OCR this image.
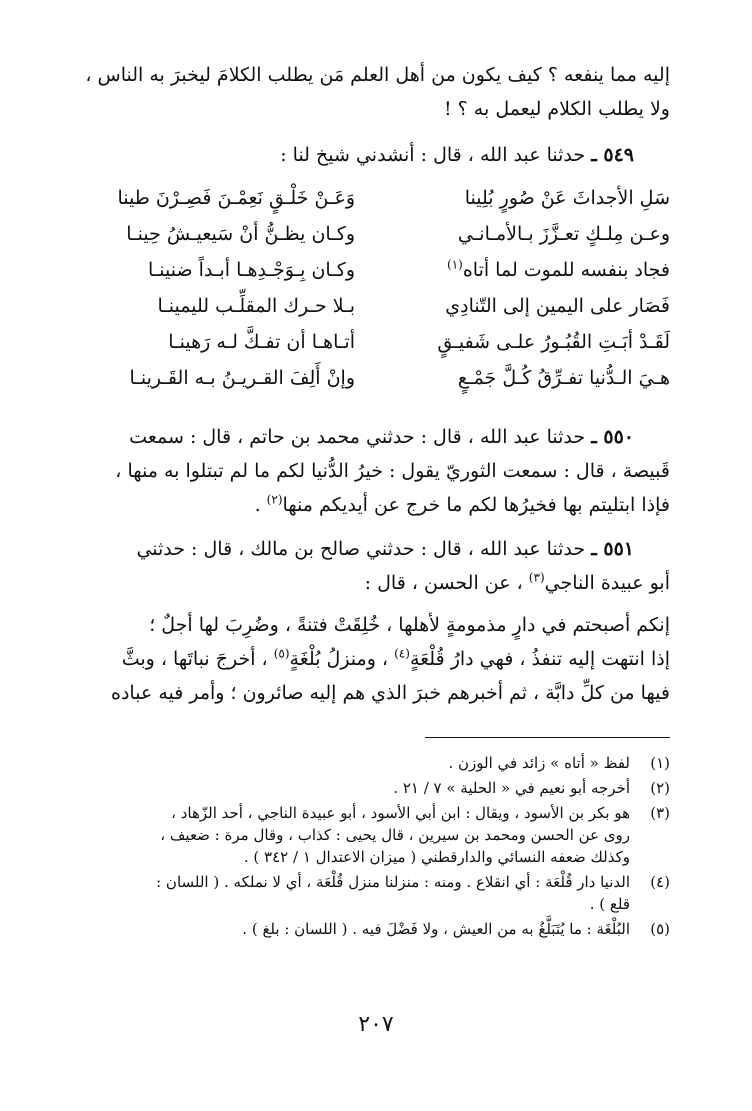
إليه مما ينفعه ؟ كيف يكون من أهل العلم مَن يطلب الكلامَ ليخبرَ به الناس ،
ولا يطلب الكلام ليعمل به ؟ !
٥٤٩ ـ حدثنا عبد الله ، قال : أنشدني شيخ لنا :
سَلِ الأجداثَ عَنْ صُورٍ بُلِينا
وَعَـنْ خَلْـقٍ نَعِمْـنَ فَصِـرْنَ طينا
وعـن مِلـكٍ تعـزَّزَ بـالأمـانـي
وكـان يظـنُّ أنْ سَيعيـشُ حِينـا
فجاد بنفسه للموت لما أتاه$^{(١)}$
وكـان بِـوَجْـدِهـا أبـداً ضنينـا
فَصَار على اليمين إلى التّنادِي
بـلا حـرك المقلِّـب لليمينـا
لَقَـدْ أبَـتِ القُبُـورُ علـى شَفيـقٍ
أتـاهـا أن تفـكَّ لـه رَهينـا
هـيَ الـدُّنيا تفـرِّقُ كُـلَّ جَمْـعٍ
وإنْ أَلِفَ القـريـنُ بـه القَـرينـا
٥٥٠ ـ حدثنا عبد الله ، قال : حدثني محمد بن حاتم ، قال : سمعت
قَبيصة ، قال : سمعت الثوريّ يقول : خيرُ الدُّنيا لكم ما لم تبتلوا به منها ،
فإذا ابتليتم بها فخيرُها لكم ما خرج عن أيديكم منها$^{(٢)}$ .
٥٥١ ـ حدثنا عبد الله ، قال : حدثني صالح بن مالك ، قال : حدثني
أبو عبيدة الناجي$^{(٣)}$ ، عن الحسن ، قال :
إنكم أصبحتم في دارٍ مذمومةٍ لأهلها ، خُلِقَتْ فتنةً ، وضُرِبَ لها أجلٌ ؛
إذا انتهت إليه تنفذُ ، فهي دارُ قُلْعَةٍ$^{(٤)}$ ، ومنزلُ بُلْغَةٍ$^{(٥)}$ ، أخرجَ نباتَها ، وبثَّ
فيها من كلِّ دابَّة ، ثم أخبرهم خبرَ الذي هم إليه صائرون ؛ وأمر فيه عباده
(١)
لفظ « أتاه » زائد في الوزن .
(٢)
أخرجه أبو نعيم في « الحلية » ٧ / ٢١ .
(٣)
هو بكر بن الأسود ، ويقال : ابن أبي الأسود ، أبو عبيدة الناجي ، أحد الزّهاد ،
روى عن الحسن ومحمد بن سيرين ، قال يحيى : كذاب ، وقال مرة : ضعيف ،
وكذلك ضعفه النسائي والدارقطني ( ميزان الاعتدال ١ / ٣٤٢ ) .
(٤)
الدنيا دار قُلْعَة : أي انقلاع . ومنه : منزلنا منزل قُلْعَة ، أي لا نملكه . ( اللسان :
قلع ) .
(٥)
البُلْغَة : ما يُتَبَلَّغُ به من العيش ، ولا فَضْلَ فيه . ( اللسان : بلغ ) .
٢٠٧
